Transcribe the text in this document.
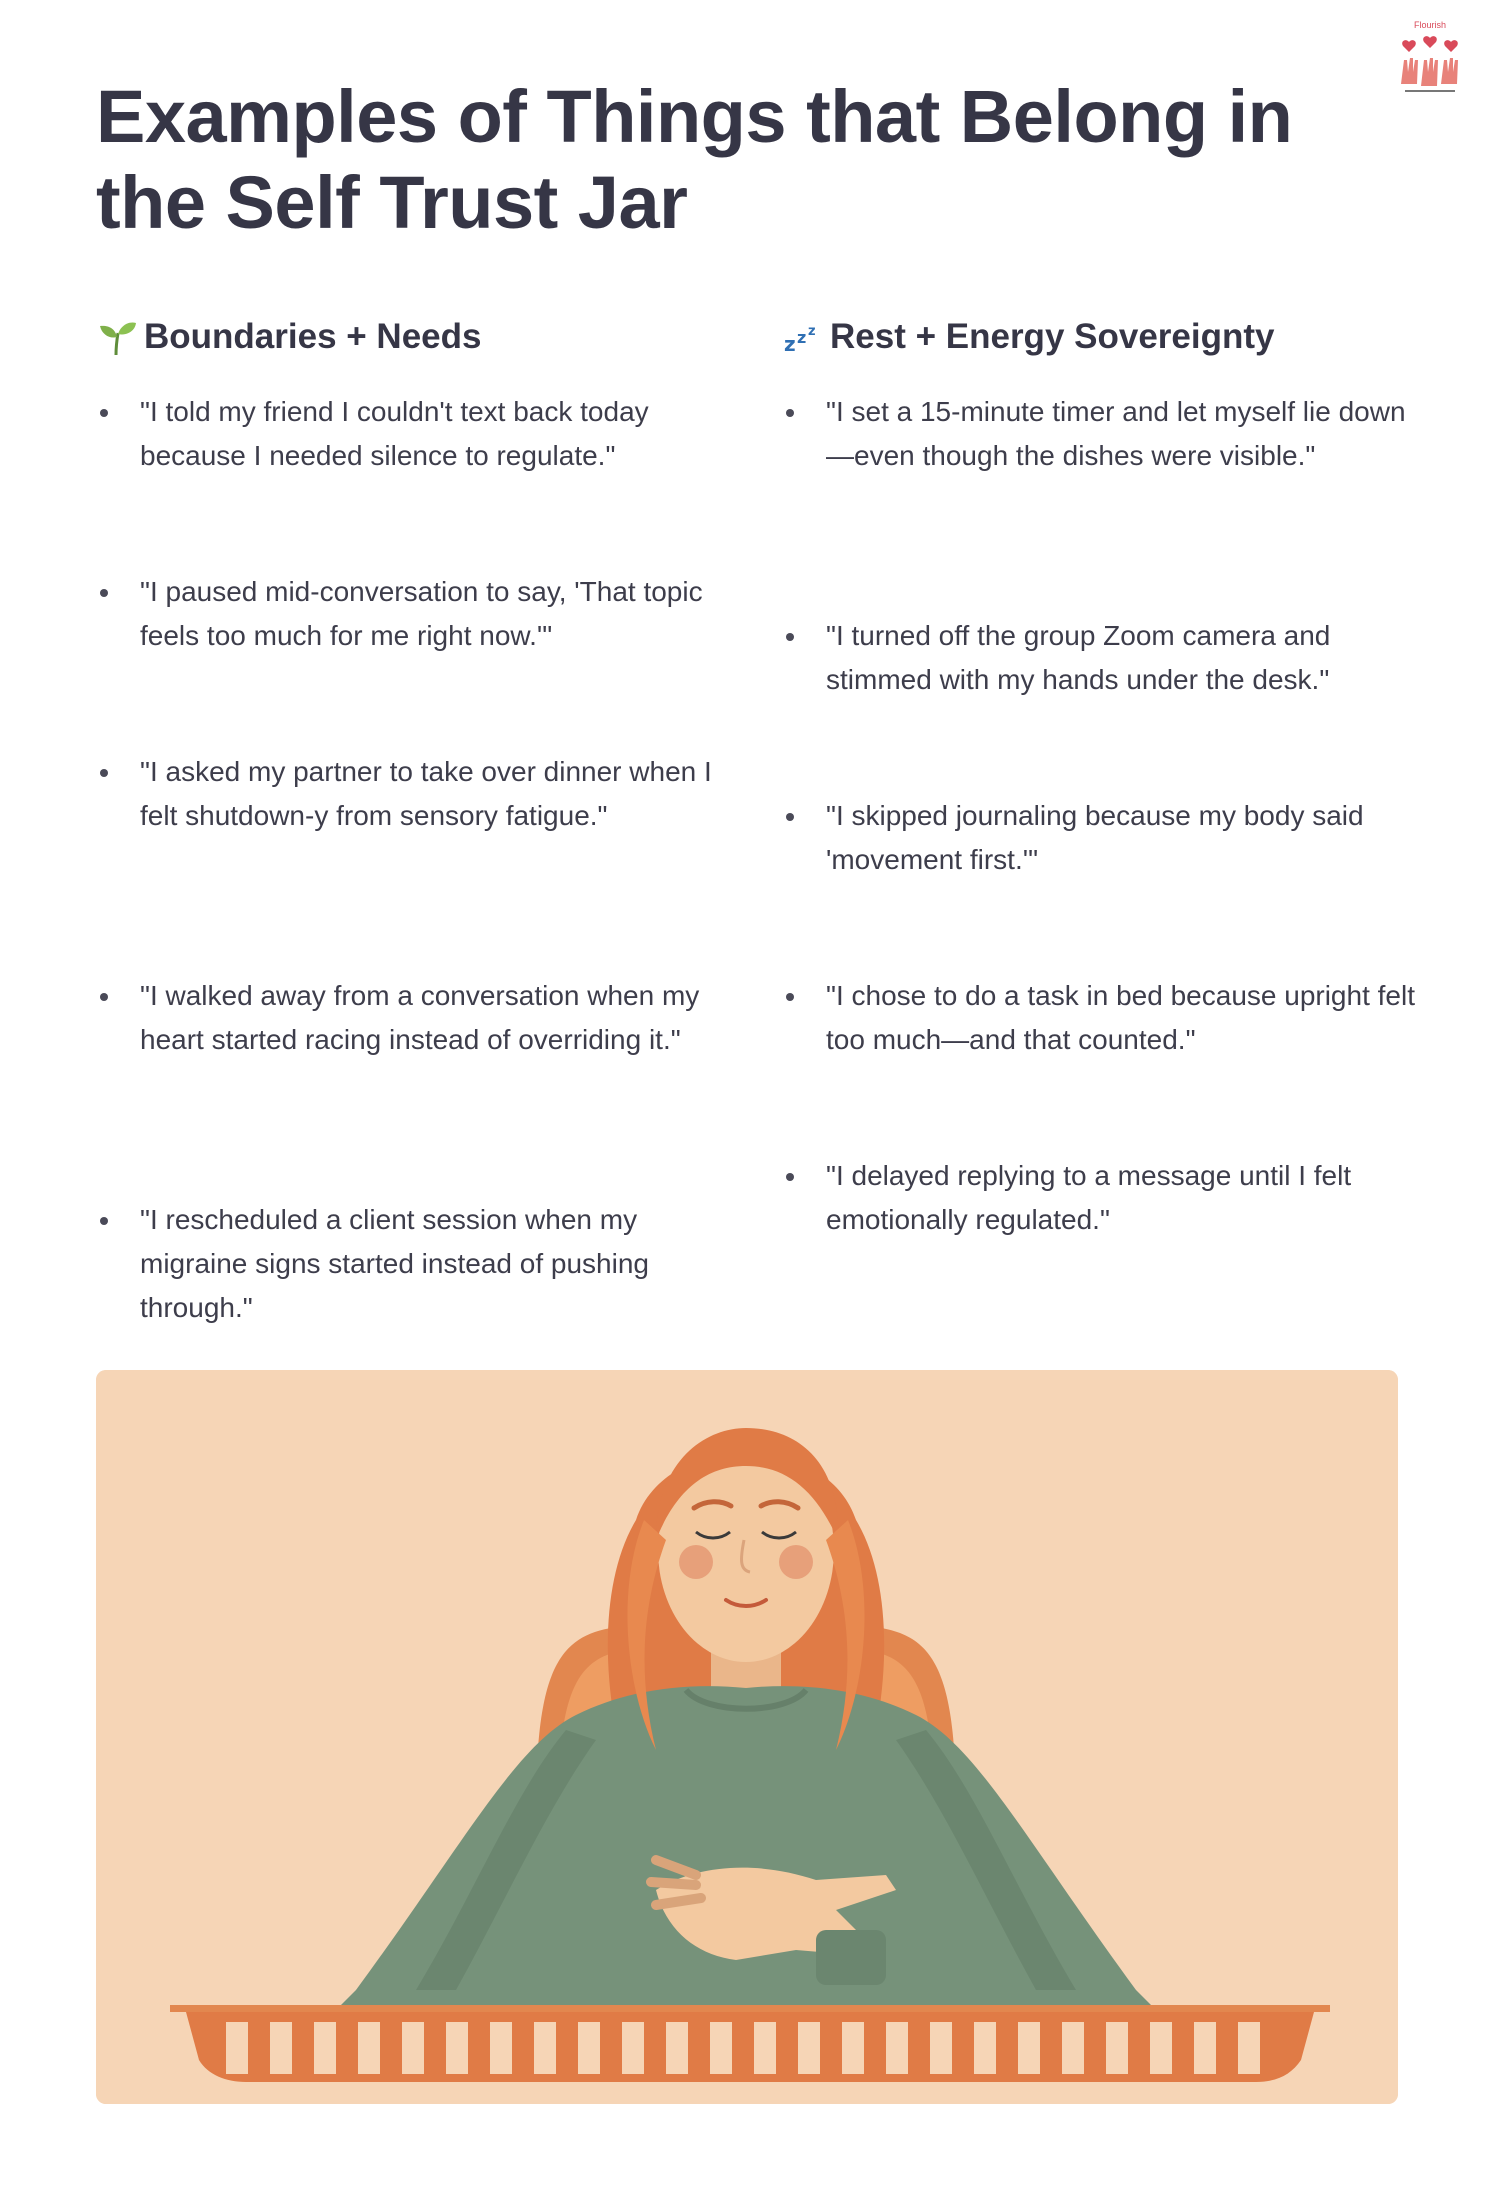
Flourish
Examples of Things that Belong in the Self Trust Jar
Boundaries + Needs
"I told my friend I couldn't text back today because I needed silence to regulate."
"I paused mid-conversation to say, 'That topic feels too much for me right now.'"
"I asked my partner to take over dinner when I felt shutdown-y from sensory fatigue."
"I walked away from a conversation when my heart started racing instead of overriding it."
"I rescheduled a client session when my migraine signs started instead of pushing through."
z z z Rest + Energy Sovereignty
"I set a 15-minute timer and let myself lie down—even though the dishes were visible."
"I turned off the group Zoom camera and stimmed with my hands under the desk."
"I skipped journaling because my body said 'movement first.'"
"I chose to do a task in bed because upright felt too much—and that counted."
"I delayed replying to a message until I felt emotionally regulated."
